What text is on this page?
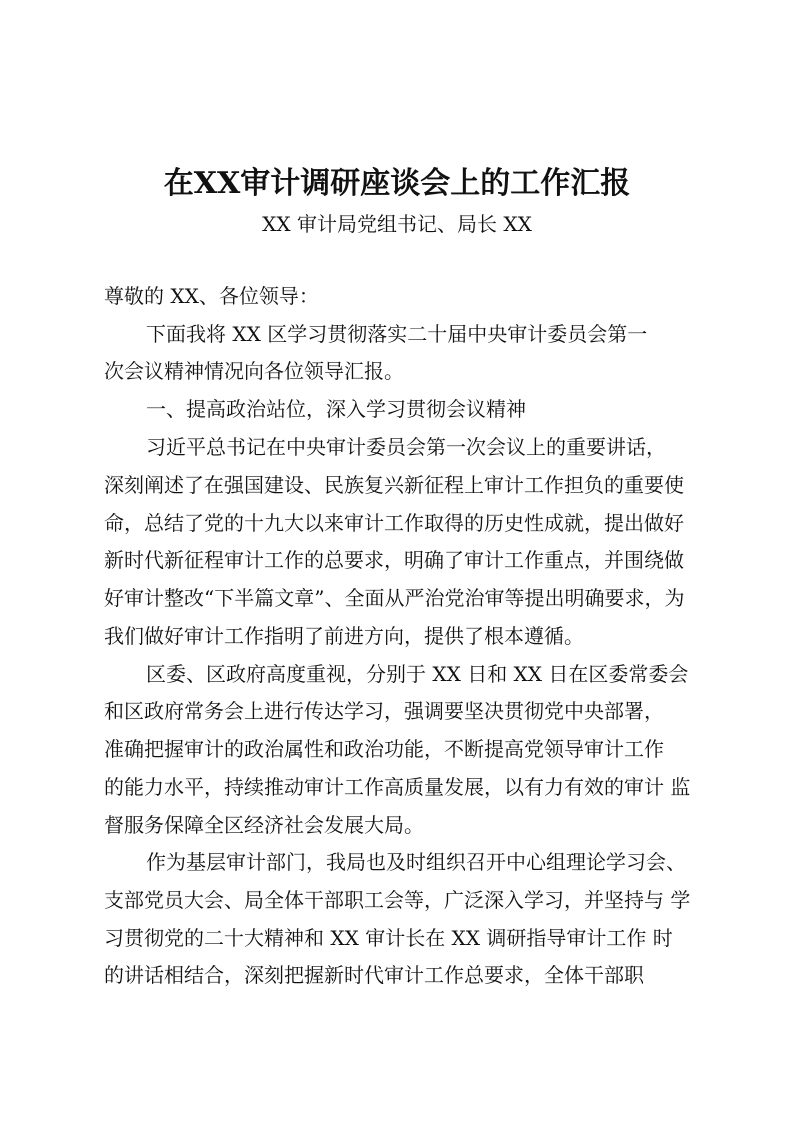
在XX审计调研座谈会上的工作汇报
XX 审计局党组书记、局长 XX
尊敬的 XX、各位领导：
下面我将 XX 区学习贯彻落实二十届中央审计委员会第一
次会议精神情况向各位领导汇报。
一、提高政治站位，深入学习贯彻会议精神
习近平总书记在中央审计委员会第一次会议上的重要讲话，
深刻阐述了在强国建设、民族复兴新征程上审计工作担负的重要使
命，总结了党的十九大以来审计工作取得的历史性成就，提出做好
新时代新征程审计工作的总要求，明确了审计工作重点，并围绕做
好审计整改“下半篇文章”、全面从严治党治审等提出明确要求，为
我们做好审计工作指明了前进方向，提供了根本遵循。
区委、区政府高度重视，分别于 XX 日和 XX 日在区委常委会
和区政府常务会上进行传达学习，强调要坚决贯彻党中央部署，
准确把握审计的政治属性和政治功能，不断提高党领导审计工作
的能力水平，持续推动审计工作高质量发展，以有力有效的审计 监
督服务保障全区经济社会发展大局。
作为基层审计部门，我局也及时组织召开中心组理论学习会、
支部党员大会、局全体干部职工会等，广泛深入学习，并坚持与 学
习贯彻党的二十大精神和 XX 审计长在 XX 调研指导审计工作 时
的讲话相结合，深刻把握新时代审计工作总要求，全体干部职
